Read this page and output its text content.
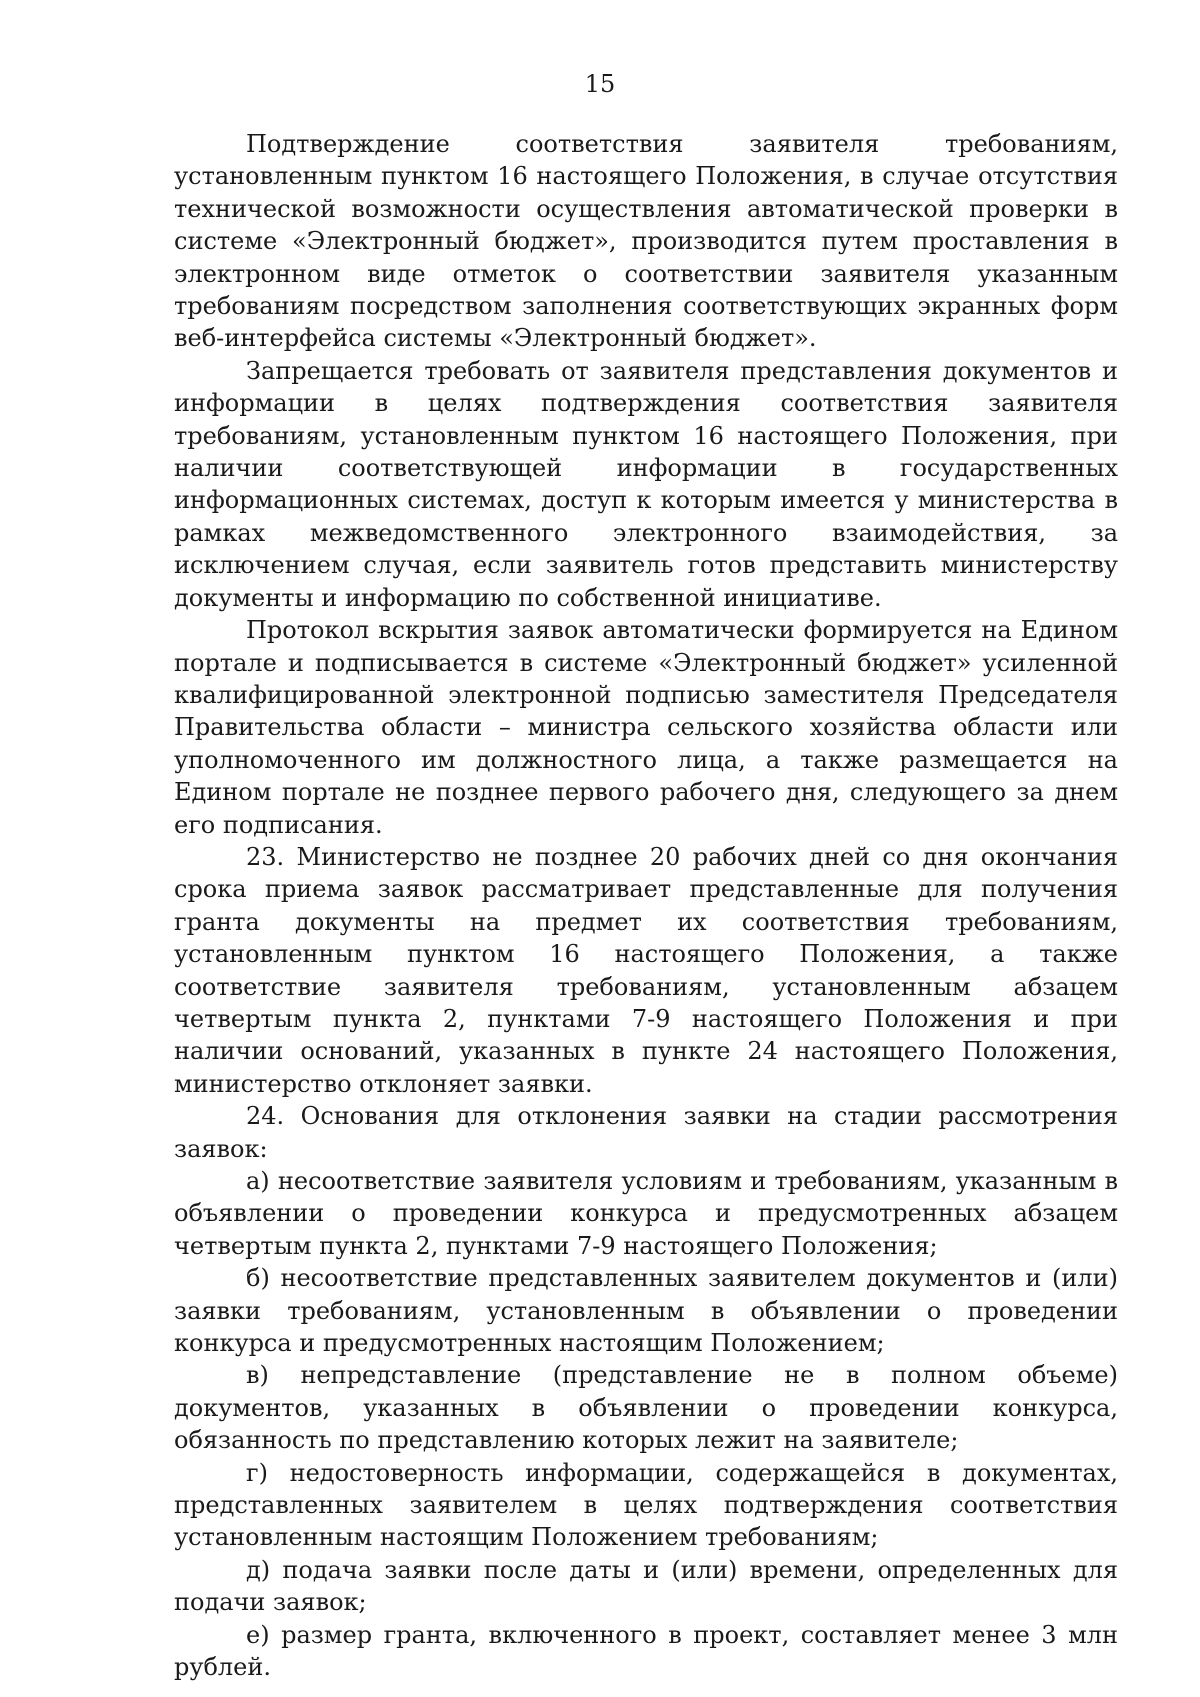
15

Подтверждение соответствия заявителя требованиям, установленным пунктом 16 настоящего Положения, в случае отсутствия технической возможности осуществления автоматической проверки в системе «Электронный бюджет», производится путем проставления в электронном виде отметок о соответствии заявителя указанным требованиям посредством заполнения соответствующих экранных форм веб-интерфейса системы «Электронный бюджет».

Запрещается требовать от заявителя представления документов и информации в целях подтверждения соответствия заявителя требованиям, установленным пунктом 16 настоящего Положения, при наличии соответствующей информации в государственных информационных системах, доступ к которым имеется у министерства в рамках межведомственного электронного взаимодействия, за исключением случая, если заявитель готов представить министерству документы и информацию по собственной инициативе.

Протокол вскрытия заявок автоматически формируется на Едином портале и подписывается в системе «Электронный бюджет» усиленной квалифицированной электронной подписью заместителя Председателя Правительства области – министра сельского хозяйства области или уполномоченного им должностного лица, а также размещается на Едином портале не позднее первого рабочего дня, следующего за днем его подписания.

23. Министерство не позднее 20 рабочих дней со дня окончания срока приема заявок рассматривает представленные для получения гранта документы на предмет их соответствия требованиям, установленным пунктом 16 настоящего Положения, а также соответствие заявителя требованиям, установленным абзацем четвертым пункта 2, пунктами 7-9 настоящего Положения и при наличии оснований, указанных в пункте 24 настоящего Положения, министерство отклоняет заявки.

24. Основания для отклонения заявки на стадии рассмотрения заявок:

а) несоответствие заявителя условиям и требованиям, указанным в объявлении о проведении конкурса и предусмотренных абзацем четвертым пункта 2, пунктами 7-9 настоящего Положения;

б) несоответствие представленных заявителем документов и (или) заявки требованиям, установленным в объявлении о проведении конкурса и предусмотренных настоящим Положением;

в) непредставление (представление не в полном объеме) документов, указанных в объявлении о проведении конкурса, обязанность по представлению которых лежит на заявителе;

г) недостоверность информации, содержащейся в документах, представленных заявителем в целях подтверждения соответствия установленным настоящим Положением требованиям;

д) подача заявки после даты и (или) времени, определенных для подачи заявок;

е) размер гранта, включенного в проект, составляет менее 3 млн рублей.
